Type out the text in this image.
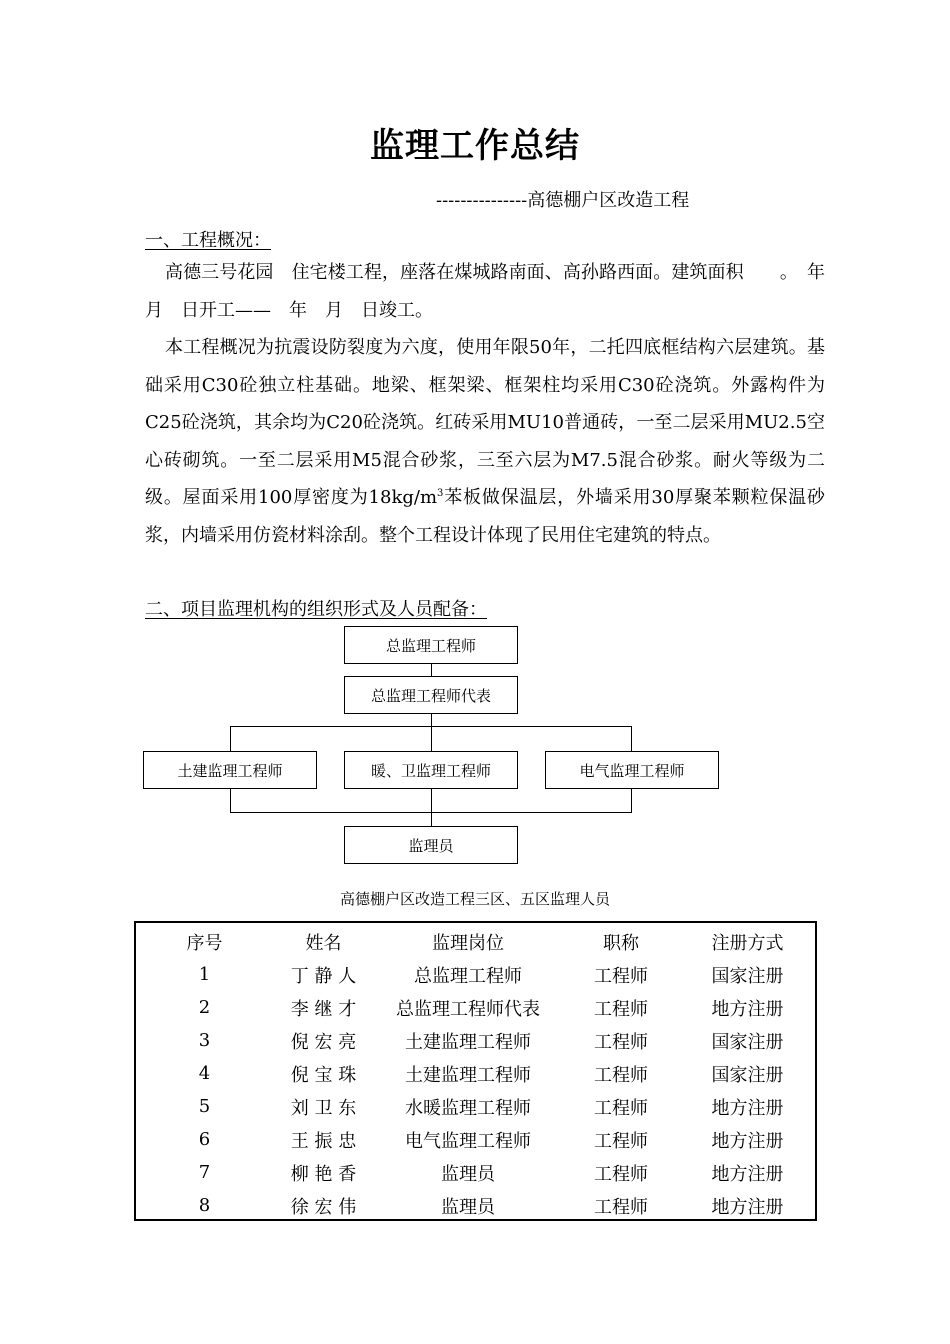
监理工作总结
---------------高德棚户区改造工程
一、工程概况：
高德三号花园　住宅楼工程，座落在煤城路南面、高孙路西面。建筑面积　　。　年　月　日开工——　年　月　日竣工。
本工程概况为抗震设防裂度为六度，使用年限50年，二托四底框结构六层建筑。基础采用C30砼独立柱基础。地梁、框架梁、框架柱均采用C30砼浇筑。外露构件为C25砼浇筑，其余均为C20砼浇筑。红砖采用MU10普通砖，一至二层采用MU2.5空心砖砌筑。一至二层采用M5混合砂浆，三至六层为M7.5混合砂浆。耐火等级为二级。屋面采用100厚密度为$18kg/m^3$苯板做保温层，外墙采用30厚聚苯颗粒保温砂浆，内墙采用仿瓷材料涂刮。整个工程设计体现了民用住宅建筑的特点。
二、项目监理机构的组织形式及人员配备：
总监理工程师
总监理工程师代表
土建监理工程师	暖、卫监理工程师	电气监理工程师
监理员
高德棚户区改造工程三区、五区监理人员
序号	姓名	监理岗位	职称	注册方式
1	丁 静 人	总监理工程师	工程师	国家注册
2	李 继 才	总监理工程师代表	工程师	地方注册
3	倪 宏 亮	土建监理工程师	工程师	国家注册
4	倪 宝 珠	土建监理工程师	工程师	国家注册
5	刘 卫 东	水暖监理工程师	工程师	地方注册
6	王 振 忠	电气监理工程师	工程师	地方注册
7	柳 艳 香	监理员	工程师	地方注册
8	徐 宏 伟	监理员	工程师	地方注册
